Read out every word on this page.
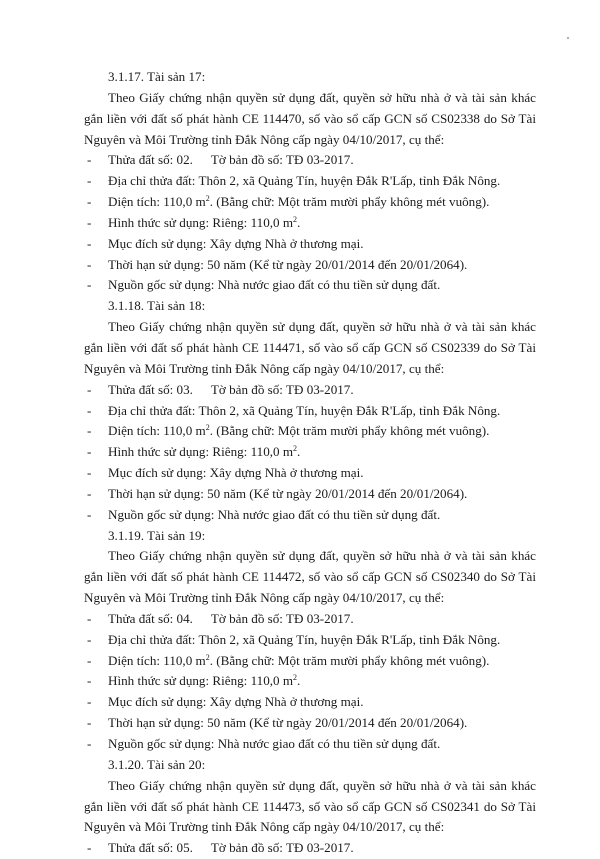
3.1.17. Tài sản 17:
Theo Giấy chứng nhận quyền sử dụng đất, quyền sở hữu nhà ở và tài sản khác gắn liền với đất số phát hành CE 114470, số vào sổ cấp GCN số CS02338 do Sở Tài Nguyên và Môi Trường tỉnh Đắk Nông cấp ngày 04/10/2017, cụ thể:
- Thửa đất số: 02. Tờ bản đồ số: TĐ 03-2017.
- Địa chỉ thửa đất: Thôn 2, xã Quảng Tín, huyện Đắk R'Lấp, tỉnh Đắk Nông.
- Diện tích: 110,0 $m^2$. (Bằng chữ: Một trăm mười phẩy không mét vuông).
- Hình thức sử dụng: Riêng: 110,0 $m^2$.
- Mục đích sử dụng: Xây dựng Nhà ở thương mại.
- Thời hạn sử dụng: 50 năm (Kể từ ngày 20/01/2014 đến 20/01/2064).
- Nguồn gốc sử dụng: Nhà nước giao đất có thu tiền sử dụng đất.
3.1.18. Tài sản 18:
Theo Giấy chứng nhận quyền sử dụng đất, quyền sở hữu nhà ở và tài sản khác gắn liền với đất số phát hành CE 114471, số vào sổ cấp GCN số CS02339 do Sở Tài Nguyên và Môi Trường tỉnh Đắk Nông cấp ngày 04/10/2017, cụ thể:
- Thửa đất số: 03. Tờ bản đồ số: TĐ 03-2017.
- Địa chỉ thửa đất: Thôn 2, xã Quảng Tín, huyện Đắk R'Lấp, tỉnh Đắk Nông.
- Diện tích: 110,0 $m^2$. (Bằng chữ: Một trăm mười phẩy không mét vuông).
- Hình thức sử dụng: Riêng: 110,0 $m^2$.
- Mục đích sử dụng: Xây dựng Nhà ở thương mại.
- Thời hạn sử dụng: 50 năm (Kể từ ngày 20/01/2014 đến 20/01/2064).
- Nguồn gốc sử dụng: Nhà nước giao đất có thu tiền sử dụng đất.
3.1.19. Tài sản 19:
Theo Giấy chứng nhận quyền sử dụng đất, quyền sở hữu nhà ở và tài sản khác gắn liền với đất số phát hành CE 114472, số vào sổ cấp GCN số CS02340 do Sở Tài Nguyên và Môi Trường tỉnh Đắk Nông cấp ngày 04/10/2017, cụ thể:
- Thửa đất số: 04. Tờ bản đồ số: TĐ 03-2017.
- Địa chỉ thửa đất: Thôn 2, xã Quảng Tín, huyện Đắk R'Lấp, tỉnh Đắk Nông.
- Diện tích: 110,0 $m^2$. (Bằng chữ: Một trăm mười phẩy không mét vuông).
- Hình thức sử dụng: Riêng: 110,0 $m^2$.
- Mục đích sử dụng: Xây dựng Nhà ở thương mại.
- Thời hạn sử dụng: 50 năm (Kể từ ngày 20/01/2014 đến 20/01/2064).
- Nguồn gốc sử dụng: Nhà nước giao đất có thu tiền sử dụng đất.
3.1.20. Tài sản 20:
Theo Giấy chứng nhận quyền sử dụng đất, quyền sở hữu nhà ở và tài sản khác gắn liền với đất số phát hành CE 114473, số vào sổ cấp GCN số CS02341 do Sở Tài Nguyên và Môi Trường tỉnh Đắk Nông cấp ngày 04/10/2017, cụ thể:
- Thửa đất số: 05. Tờ bản đồ số: TĐ 03-2017.
